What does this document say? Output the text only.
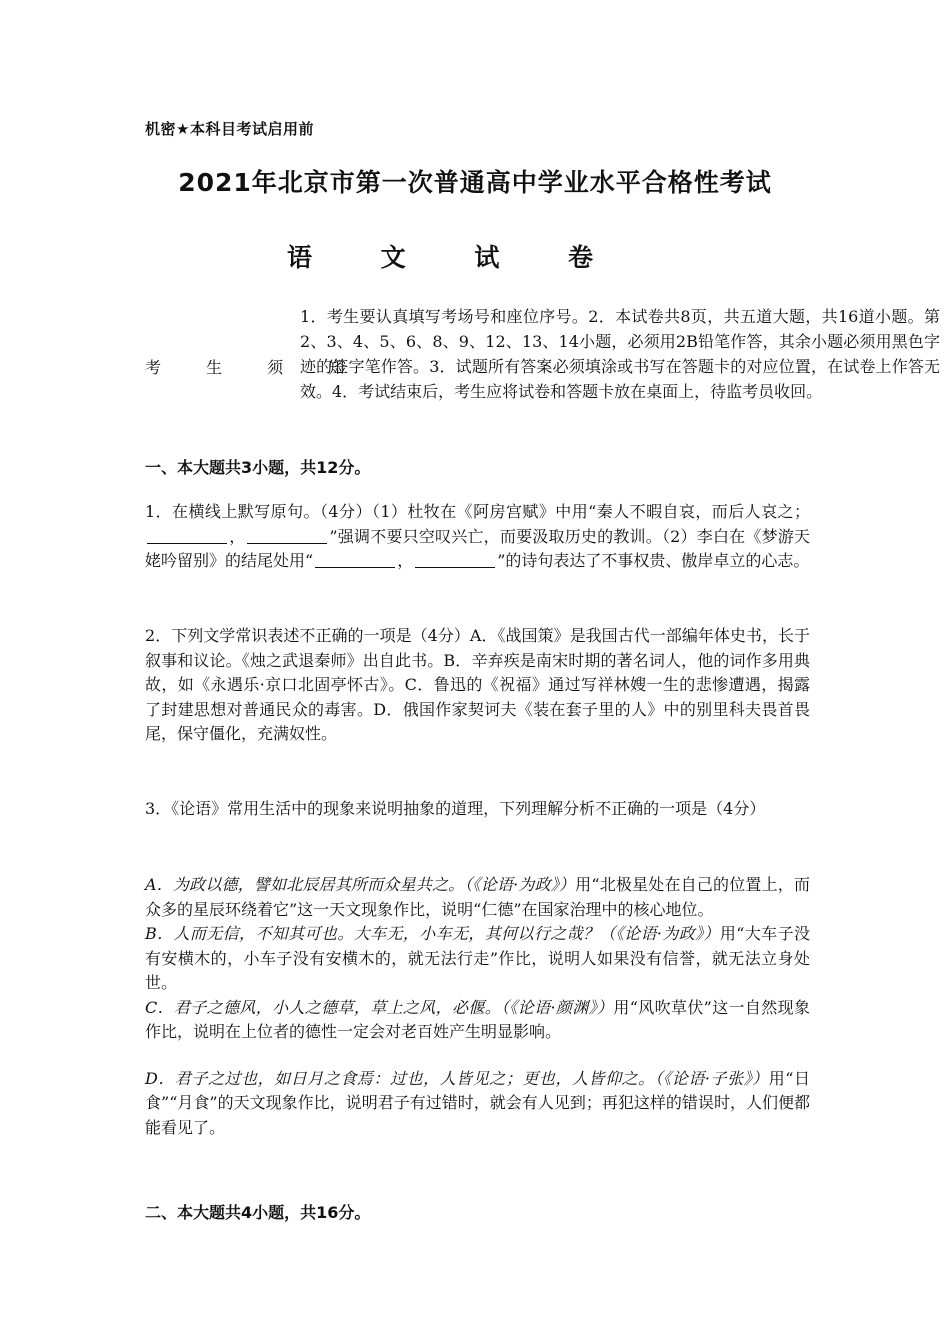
机密★本科目考试启用前
2021年北京市第一次普通高中学业水平合格性考试
语 文 试 卷
考 生 须 知
1．考生要认真填写考场号和座位序号。2．本试卷共8页，共五道大题，共16道小题。第2、3、4、5、6、8、9、12、13、14小题，必须用2B铅笔作答，其余小题必须用黑色字迹的签字笔作答。3．试题所有答案必须填涂或书写在答题卡的对应位置，在试卷上作答无效。4．考试结束后，考生应将试卷和答题卡放在桌面上，待监考员收回。
一、本大题共3小题，共12分。
1．在横线上默写原句。（4分）（1）杜牧在《阿房宫赋》中用“秦人不暇自哀，而后人哀之；，	”强调不要只空叹兴亡，而要汲取历史的教训。（2）李白在《梦游天姥吟留别》的结尾处用“	，	”的诗句表达了不事权贵、傲岸卓立的心志。
2．下列文学常识表述不正确的一项是（4分）A．《战国策》是我国古代一部编年体史书，长于叙事和议论。《烛之武退秦师》出自此书。B．辛弃疾是南宋时期的著名词人，他的词作多用典故，如《永遇乐·京口北固亭怀古》。C．鲁迅的《祝福》通过写祥林嫂一生的悲惨遭遇，揭露了封建思想对普通民众的毒害。D．俄国作家契诃夫《装在套子里的人》中的别里科夫畏首畏尾，保守僵化，充满奴性。
3．《论语》常用生活中的现象来说明抽象的道理，下列理解分析不正确的一项是（4分）
A．为政以德，譬如北辰居其所而众星共之。（《论语·为政》）用“北极星处在自己的位置上，而众多的星辰环绕着它”这一天文现象作比，说明“仁德”在国家治理中的核心地位。
B．人而无信，不知其可也。大车无，小车无，其何以行之哉？（《论语·为政》）用“大车子没有安横木的，小车子没有安横木的，就无法行走”作比，说明人如果没有信誉，就无法立身处世。
C．君子之德风，小人之德草，草上之风，必偃。（《论语·颜渊》）用“风吹草伏”这一自然现象作比，说明在上位者的德性一定会对老百姓产生明显影响。
D．君子之过也，如日月之食焉：过也，人皆见之；更也，人皆仰之。（《论语·子张》）用“日食”“月食”的天文现象作比，说明君子有过错时，就会有人见到；再犯这样的错误时，人们便都能看见了。
二、本大题共4小题，共16分。
